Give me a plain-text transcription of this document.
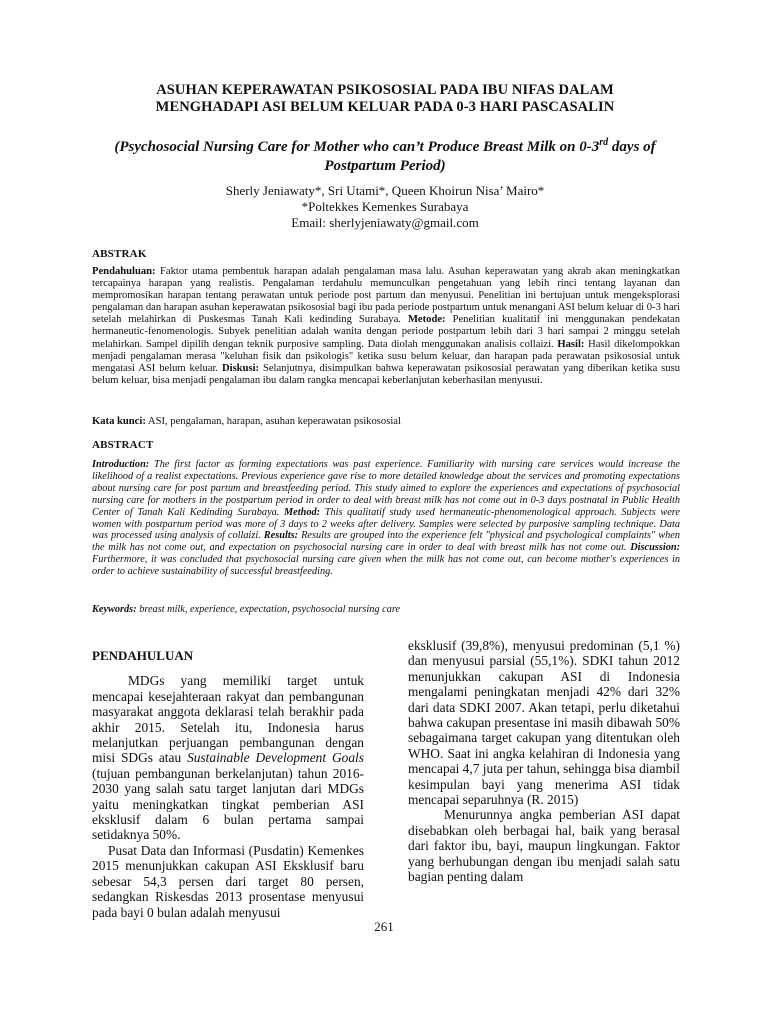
ASUHAN KEPERAWATAN PSIKOSOSIAL PADA IBU NIFAS DALAM
MENGHADAPI ASI BELUM KELUAR PADA 0-3 HARI PASCASALIN
(Psychosocial Nursing Care for Mother who can’t Produce Breast Milk on 0-3rd days of
Postpartum Period)
Sherly Jeniawaty*, Sri Utami*, Queen Khoirun Nisa’ Mairo*
*Poltekkes Kemenkes Surabaya
Email: sherlyjeniawaty@gmail.com
ABSTRAK
Pendahuluan: Faktor utama pembentuk harapan adalah pengalaman masa lalu. Asuhan keperawatan yang akrab akan meningkatkan tercapainya harapan yang realistis. Pengalaman terdahulu memunculkan pengetahuan yang lebih rinci tentang layanan dan mempromosikan harapan tentang perawatan untuk periode post partum dan menyusui. Penelitian ini bertujuan untuk mengeksplorasi pengalaman dan harapan asuhan keperawatan psikososial bagi ibu pada periode postpartum untuk menangani ASI belum keluar di 0-3 hari setelah melahirkan di Puskesmas Tanah Kali kedinding Surabaya. Metode: Penelitian kualitatif ini menggunakan pendekatan hermaneutic-fenomenologis. Subyek penelitian adalah wanita dengan periode postpartum lebih dari 3 hari sampai 2 minggu setelah melahirkan. Sampel dipilih dengan teknik purposive sampling. Data diolah menggunakan analisis collaizi. Hasil: Hasil dikelompokkan menjadi pengalaman merasa "keluhan fisik dan psikologis" ketika susu belum keluar, dan harapan pada perawatan psikososial untuk mengatasi ASI belum keluar. Diskusi: Selanjutnya, disimpulkan bahwa keperawatan psikososial perawatan yang diberikan ketika susu belum keluar, bisa menjadi pengalaman ibu dalam rangka mencapai keberlanjutan keberhasilan menyusui.
Kata kunci: ASI, pengalaman, harapan, asuhan keperawatan psikososial
ABSTRACT
Introduction: The first factor as forming expectations was past experience. Familiarity with nursing care services would increase the likelihood of a realist expectations. Previous experience gave rise to more detailed knowledge about the services and promoting expectations about nursing care for post partum and breastfeeding period. This study aimed to explore the experiences and expectations of psychosocial nursing care for mothers in the postpartum period in order to deal with breast milk has not come out in 0-3 days postnatal in Public Health Center of Tanah Kali Kedinding Surabaya. Method: This qualitatif study used hermaneutic-phenomenological approach. Subjects were women with postpartum period was more of 3 days to 2 weeks after delivery. Samples were selected by purposive sampling technique. Data was processed using analysis of collaizi. Results: Results are grouped into the experience felt "physical and psychological complaints" when the milk has not come out, and expectation on psychosocial nursing care in order to deal with breast milk has not come out. Discussion: Furthermore, it was concluded that psychosocial nursing care given when the milk has not come out, can become mother's experiences in order to achieve sustainability of successful breastfeeding.
Keywords: breast milk, experience, expectation, psychosocial nursing care

PENDAHULUAN

MDGs yang memiliki target untuk mencapai kesejahteraan rakyat dan pembangunan masyarakat anggota deklarasi telah berakhir pada akhir 2015. Setelah itu, Indonesia harus melanjutkan perjuangan pembangunan dengan misi SDGs atau Sustainable Development Goals (tujuan pembangunan berkelanjutan) tahun 2016-2030 yang salah satu target lanjutan dari MDGs yaitu meningkatkan tingkat pemberian ASI eksklusif dalam 6 bulan pertama sampai setidaknya 50%.

Pusat Data dan Informasi (Pusdatin) Kemenkes 2015 menunjukkan cakupan ASI Eksklusif baru sebesar 54,3 persen dari target 80 persen, sedangkan Riskesdas 2013 prosentase menyusui pada bayi 0 bulan adalah menyusui

eksklusif (39,8%), menyusui predominan (5,1 %) dan menyusui parsial (55,1%). SDKI tahun 2012 menunjukkan cakupan ASI di Indonesia mengalami peningkatan menjadi 42% dari 32% dari data SDKI 2007. Akan tetapi, perlu diketahui bahwa cakupan presentase ini masih dibawah 50% sebagaimana target cakupan yang ditentukan oleh WHO. Saat ini angka kelahiran di Indonesia yang mencapai 4,7 juta per tahun, sehingga bisa diambil kesimpulan bayi yang menerima ASI tidak mencapai separuhnya (R. 2015)

Menurunnya angka pemberian ASI dapat disebabkan oleh berbagai hal, baik yang berasal dari faktor ibu, bayi, maupun lingkungan. Faktor yang berhubungan dengan ibu menjadi salah satu bagian penting dalam

261
